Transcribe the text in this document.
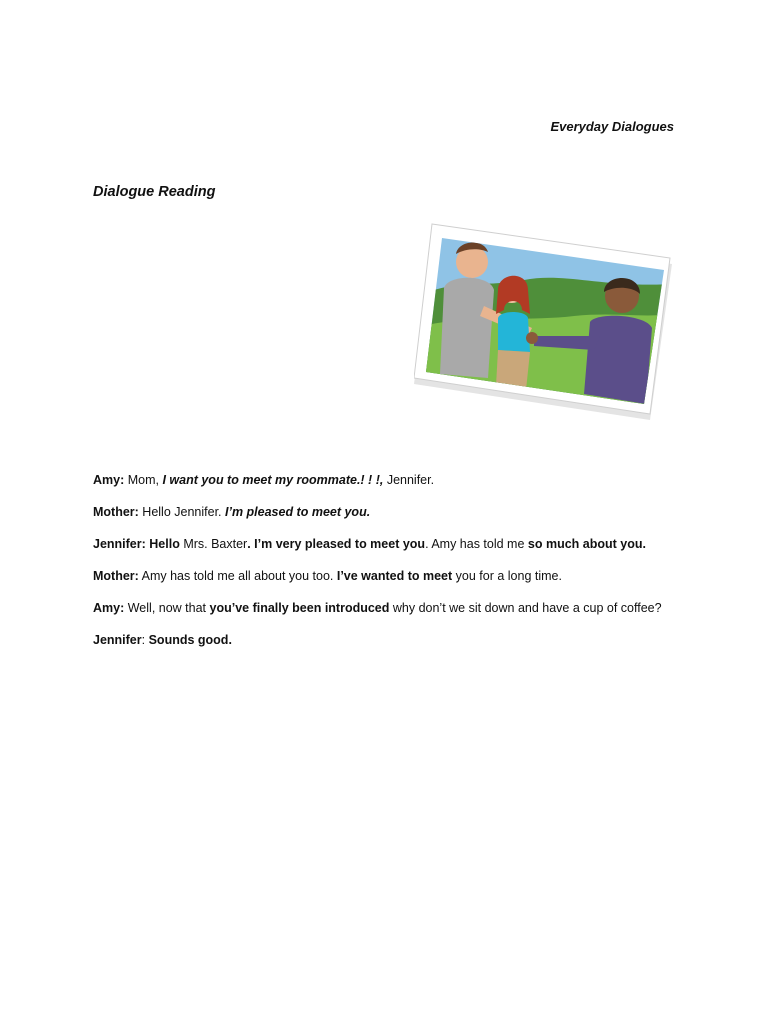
Everyday Dialogues
Dialogue Reading

Amy: Mom, I want you to meet my roommate.! ! !, Jennifer.

Mother: Hello Jennifer. I’m pleased to meet you.

Jennifer: Hello Mrs. Baxter. I’m very pleased to meet you. Amy has told me so much about you.

Mother: Amy has told me all about you too. I’ve wanted to meet you for a long time.

Amy: Well, now that you’ve finally been introduced why don’t we sit down and have a cup of coffee?

Jennifer: Sounds good.
